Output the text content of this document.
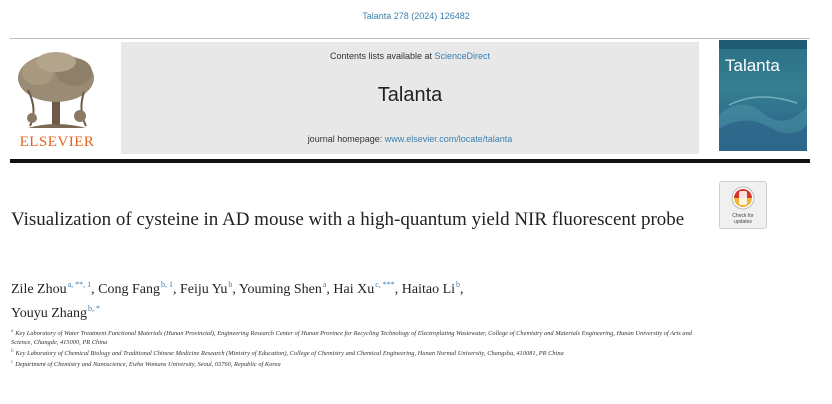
Talanta 278 (2024) 126482
ELSEVIER
Contents lists available at ScienceDirect
Talanta
journal homepage: www.elsevier.com/locate/talanta
Talanta
Check for
updates
Visualization of cysteine in AD mouse with a high-quantum yield NIR fluorescent probe
Zile Zhou$^{a, **, 1}$, Cong Fang$^{b, 1}$, Feiju Yu$^b$, Youming Shen$^a$, Hai $Xu^{c, ***}$, Haitao Li$^b$,
Youyu Zhang$^{b, *}$
$^a$ Key Laboratory of Water Treatment Functional Materials (Hunan Provincial), Engineering Research Center of Hunan Province for Recycling Technology of Electroplating Wastewater, College of Chemistry and Materials Engineering, Hunan University of Arts and Science, Changde, 415000, PR China
$^b$ Key Laboratory of Chemical Biology and Traditional Chinese Medicine Research (Ministry of Education), College of Chemistry and Chemical Engineering, Hunan Normal University, Changsha, 410081, PR China
$^c$ Department of Chemistry and Nanoscience, Ewha Womans University, Seoul, 03760, Republic of Korea
